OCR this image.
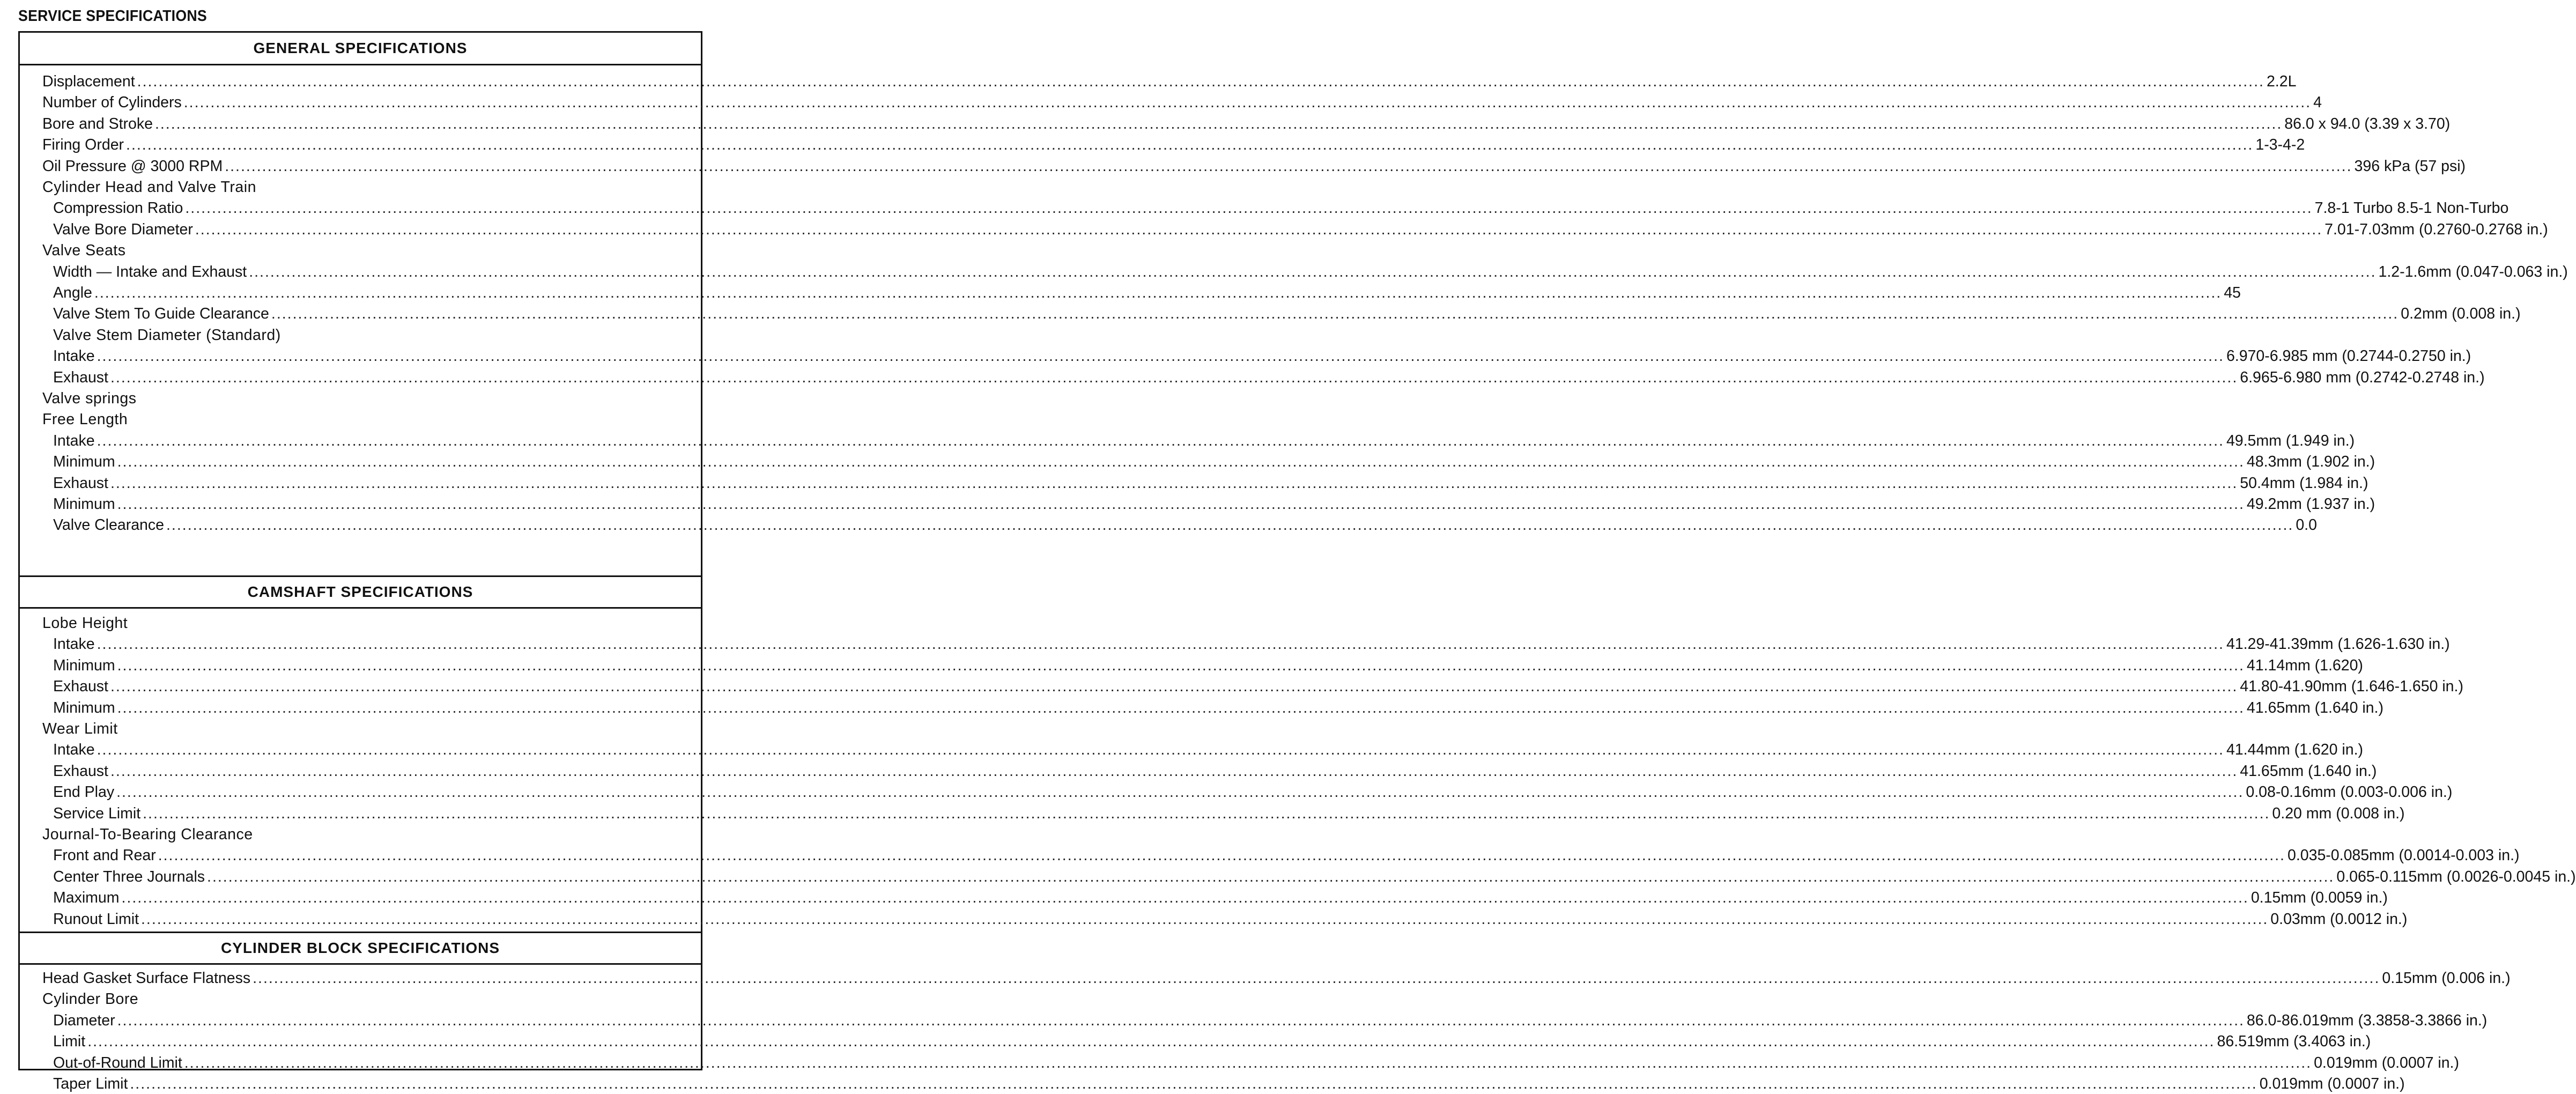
SERVICE SPECIFICATIONS
GENERAL SPECIFICATIONS
Displacement ................................................................................................................................................................................................................................................................................................................................................................................................................ 2.2L
Number of Cylinders ................................................................................................................................................................................................................................................................................................................................................................................................................ 4
Bore and Stroke ................................................................................................................................................................................................................................................................................................................................................................................................................ 86.0 x 94.0 (3.39 x 3.70)
Firing Order ................................................................................................................................................................................................................................................................................................................................................................................................................ 1-3-4-2
Oil Pressure @ 3000 RPM ................................................................................................................................................................................................................................................................................................................................................................................................................ 396 kPa (57 psi)
Cylinder Head and Valve Train
Compression Ratio ................................................................................................................................................................................................................................................................................................................................................................................................................ 7.8-1 Turbo 8.5-1 Non-Turbo
Valve Bore Diameter ................................................................................................................................................................................................................................................................................................................................................................................................................ 7.01-7.03mm (0.2760-0.2768 in.)
Valve Seats
Width — Intake and Exhaust ................................................................................................................................................................................................................................................................................................................................................................................................................ 1.2-1.6mm (0.047-0.063 in.)
Angle ................................................................................................................................................................................................................................................................................................................................................................................................................ 45
Valve Stem To Guide Clearance ................................................................................................................................................................................................................................................................................................................................................................................................................ 0.2mm (0.008 in.)
Valve Stem Diameter (Standard)
Intake ................................................................................................................................................................................................................................................................................................................................................................................................................ 6.970-6.985 mm (0.2744-0.2750 in.)
Exhaust ................................................................................................................................................................................................................................................................................................................................................................................................................ 6.965-6.980 mm (0.2742-0.2748 in.)
Valve springs
Free Length
Intake ................................................................................................................................................................................................................................................................................................................................................................................................................ 49.5mm (1.949 in.)
Minimum ................................................................................................................................................................................................................................................................................................................................................................................................................ 48.3mm (1.902 in.)
Exhaust ................................................................................................................................................................................................................................................................................................................................................................................................................ 50.4mm (1.984 in.)
Minimum ................................................................................................................................................................................................................................................................................................................................................................................................................ 49.2mm (1.937 in.)
Valve Clearance ................................................................................................................................................................................................................................................................................................................................................................................................................ 0.0
CAMSHAFT SPECIFICATIONS
Lobe Height
Intake ................................................................................................................................................................................................................................................................................................................................................................................................................ 41.29-41.39mm (1.626-1.630 in.)
Minimum ................................................................................................................................................................................................................................................................................................................................................................................................................ 41.14mm (1.620)
Exhaust ................................................................................................................................................................................................................................................................................................................................................................................................................ 41.80-41.90mm (1.646-1.650 in.)
Minimum ................................................................................................................................................................................................................................................................................................................................................................................................................ 41.65mm (1.640 in.)
Wear Limit
Intake ................................................................................................................................................................................................................................................................................................................................................................................................................ 41.44mm (1.620 in.)
Exhaust ................................................................................................................................................................................................................................................................................................................................................................................................................ 41.65mm (1.640 in.)
End Play ................................................................................................................................................................................................................................................................................................................................................................................................................ 0.08-0.16mm (0.003-0.006 in.)
Service Limit ................................................................................................................................................................................................................................................................................................................................................................................................................ 0.20 mm (0.008 in.)
Journal-To-Bearing Clearance
Front and Rear ................................................................................................................................................................................................................................................................................................................................................................................................................ 0.035-0.085mm (0.0014-0.003 in.)
Center Three Journals ................................................................................................................................................................................................................................................................................................................................................................................................................ 0.065-0.115mm (0.0026-0.0045 in.)
Maximum ................................................................................................................................................................................................................................................................................................................................................................................................................ 0.15mm (0.0059 in.)
Runout Limit ................................................................................................................................................................................................................................................................................................................................................................................................................ 0.03mm (0.0012 in.)
CYLINDER BLOCK SPECIFICATIONS
Head Gasket Surface Flatness ................................................................................................................................................................................................................................................................................................................................................................................................................ 0.15mm (0.006 in.)
Cylinder Bore
Diameter ................................................................................................................................................................................................................................................................................................................................................................................................................ 86.0-86.019mm (3.3858-3.3866 in.)
Limit ................................................................................................................................................................................................................................................................................................................................................................................................................ 86.519mm (3.4063 in.)
Out-of-Round Limit ................................................................................................................................................................................................................................................................................................................................................................................................................ 0.019mm (0.0007 in.)
Taper Limit ................................................................................................................................................................................................................................................................................................................................................................................................................ 0.019mm (0.0007 in.)
